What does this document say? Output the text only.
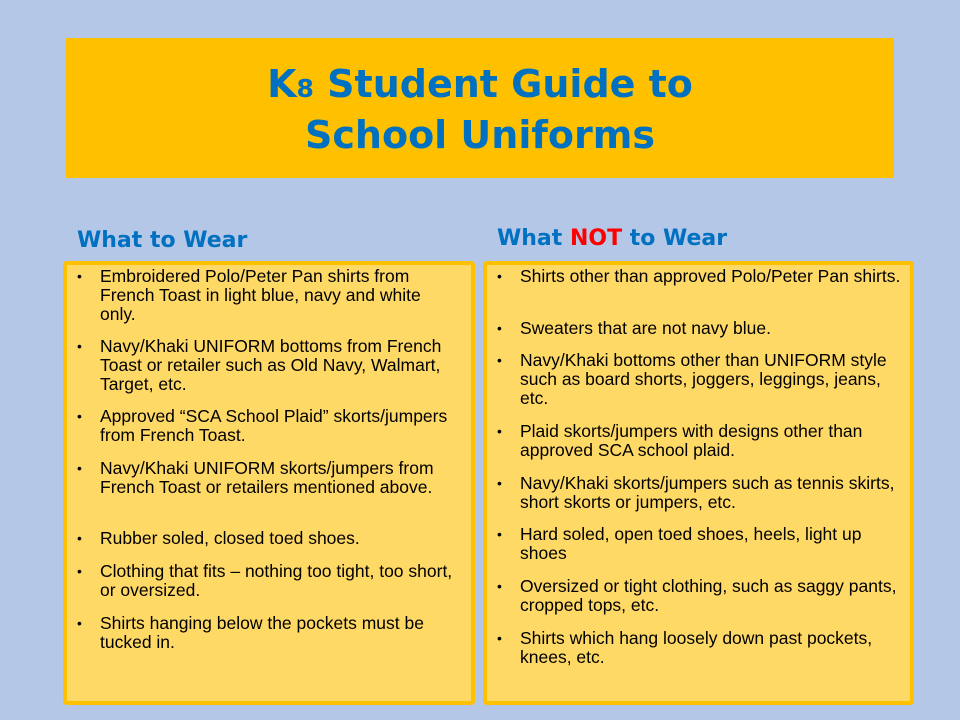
K8 Student Guide to
School Uniforms
What to Wear	What NOT to Wear
• Embroidered Polo/Peter Pan shirts from French Toast in light blue, navy and white only.
• Navy/Khaki UNIFORM bottoms from French Toast or retailer such as Old Navy, Walmart, Target, etc.
• Approved “SCA School Plaid” skorts/jumpers from French Toast.
• Navy/Khaki UNIFORM skorts/jumpers from French Toast or retailers mentioned above.
• Rubber soled, closed toed shoes.
• Clothing that fits – nothing too tight, too short, or oversized.
• Shirts hanging below the pockets must be tucked in.
• Shirts other than approved Polo/Peter Pan shirts.
• Sweaters that are not navy blue.
• Navy/Khaki bottoms other than UNIFORM style such as board shorts, joggers, leggings, jeans, etc.
• Plaid skorts/jumpers with designs other than approved SCA school plaid.
• Navy/Khaki skorts/jumpers such as tennis skirts, short skorts or jumpers, etc.
• Hard soled, open toed shoes, heels, light up shoes
• Oversized or tight clothing, such as saggy pants, cropped tops, etc.
• Shirts which hang loosely down past pockets, knees, etc.
